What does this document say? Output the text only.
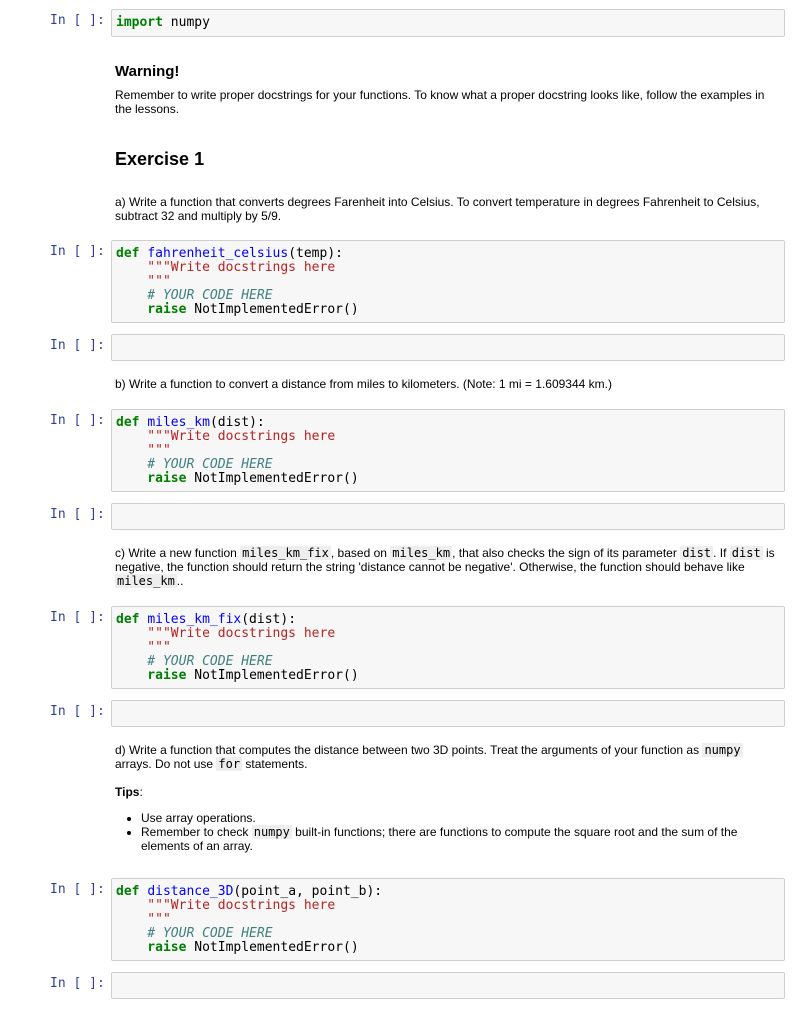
In [ ]: import numpy
Warning!

Remember to write proper docstrings for your functions. To know what a proper docstring looks like, follow the examples in the lessons.

Exercise 1

a) Write a function that converts degrees Farenheit into Celsius. To convert temperature in degrees Fahrenheit to Celsius, subtract 32 and multiply by 5/9.

In [ ]: def fahrenheit_celsius(temp):
"""Write docstrings here
"""
# YOUR CODE HERE
raise NotImplementedError()
In [ ]:

b) Write a function to convert a distance from miles to kilometers. (Note: 1 mi = 1.609344 km.)

In [ ]: def miles_km(dist):
"""Write docstrings here
"""
# YOUR CODE HERE
raise NotImplementedError()
In [ ]:

c) Write a new function miles_km_fix , based on miles_km , that also checks the sign of its parameter dist . If dist is negative, the function should return the string 'distance cannot be negative'. Otherwise, the function should behave like miles_km ..

In [ ]: def miles_km_fix(dist):
"""Write docstrings here
"""
# YOUR CODE HERE
raise NotImplementedError()
In [ ]:

d) Write a function that computes the distance between two 3D points. Treat the arguments of your function as numpy arrays. Do not use for statements.

Tips:

• Use array operations.
• Remember to check numpy built-in functions; there are functions to compute the square root and the sum of the elements of an array.
In [ ]: def distance_3D(point_a, point_b):
"""Write docstrings here
"""
# YOUR CODE HERE
raise NotImplementedError()
In [ ]:
